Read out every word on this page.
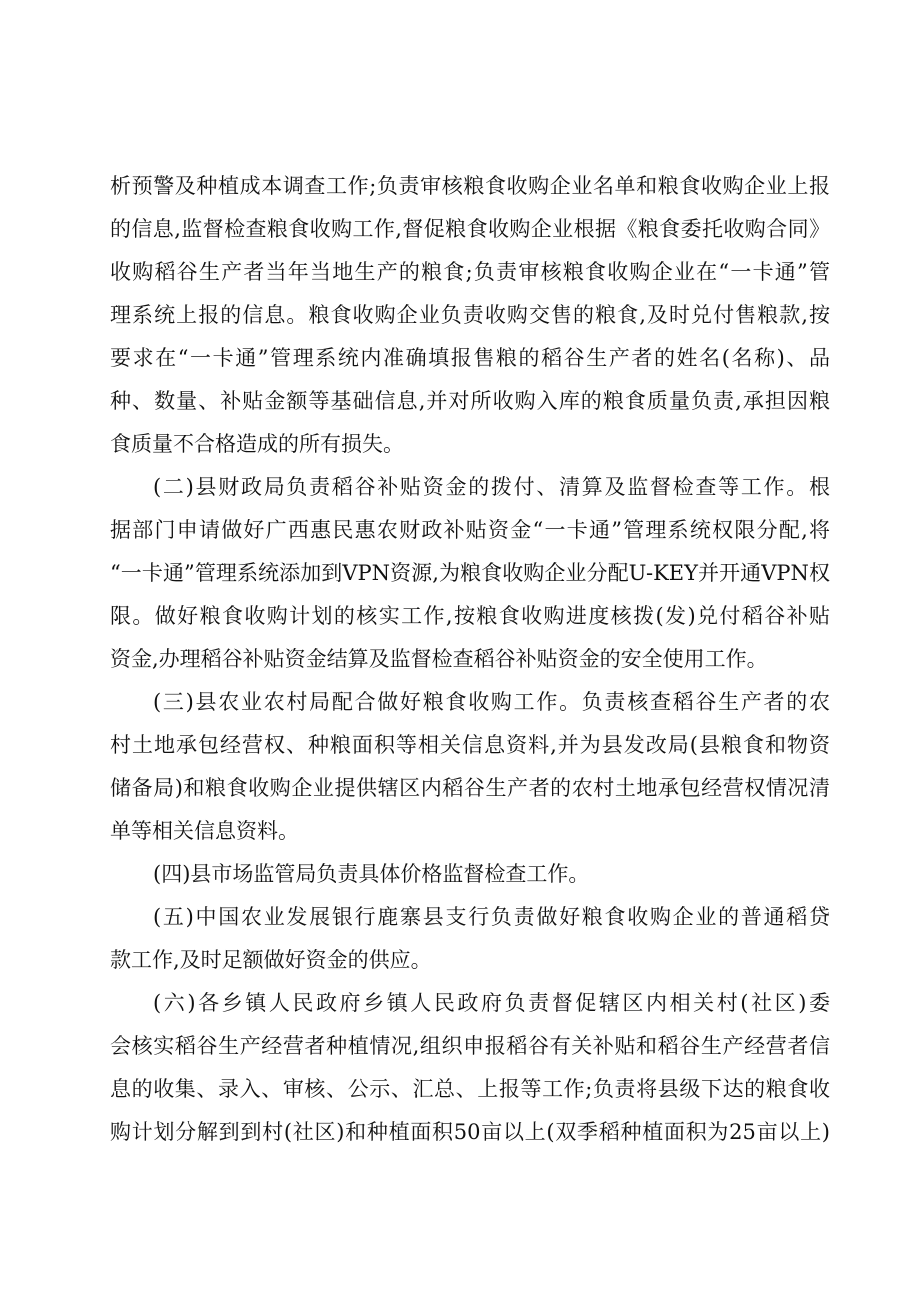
析预警及种植成本调查工作;负责审核粮食收购企业名单和粮食收购企业上报
的信息,监督检查粮食收购工作,督促粮食收购企业根据《粮食委托收购合同》
收购稻谷生产者当年当地生产的粮食;负责审核粮食收购企业在“一卡通”管
理系统上报的信息。粮食收购企业负责收购交售的粮食,及时兑付售粮款,按
要求在“一卡通”管理系统内准确填报售粮的稻谷生产者的姓名(名称)、品
种、数量、补贴金额等基础信息,并对所收购入库的粮食质量负责,承担因粮
食质量不合格造成的所有损失。
(二)县财政局负责稻谷补贴资金的拨付、清算及监督检查等工作。根
据部门申请做好广西惠民惠农财政补贴资金“一卡通”管理系统权限分配,将
“一卡通”管理系统添加到VPN资源,为粮食收购企业分配U-KEY并开通VPN权
限。做好粮食收购计划的核实工作,按粮食收购进度核拨(发)兑付稻谷补贴
资金,办理稻谷补贴资金结算及监督检查稻谷补贴资金的安全使用工作。
(三)县农业农村局配合做好粮食收购工作。负责核查稻谷生产者的农
村土地承包经营权、种粮面积等相关信息资料,并为县发改局(县粮食和物资
储备局)和粮食收购企业提供辖区内稻谷生产者的农村土地承包经营权情况清
单等相关信息资料。
(四)县市场监管局负责具体价格监督检查工作。
(五)中国农业发展银行鹿寨县支行负责做好粮食收购企业的普通稻贷
款工作,及时足额做好资金的供应。
(六)各乡镇人民政府乡镇人民政府负责督促辖区内相关村(社区)委
会核实稻谷生产经营者种植情况,组织申报稻谷有关补贴和稻谷生产经营者信
息的收集、录入、审核、公示、汇总、上报等工作;负责将县级下达的粮食收
购计划分解到到村(社区)和种植面积50亩以上(双季稻种植面积为25亩以上)
